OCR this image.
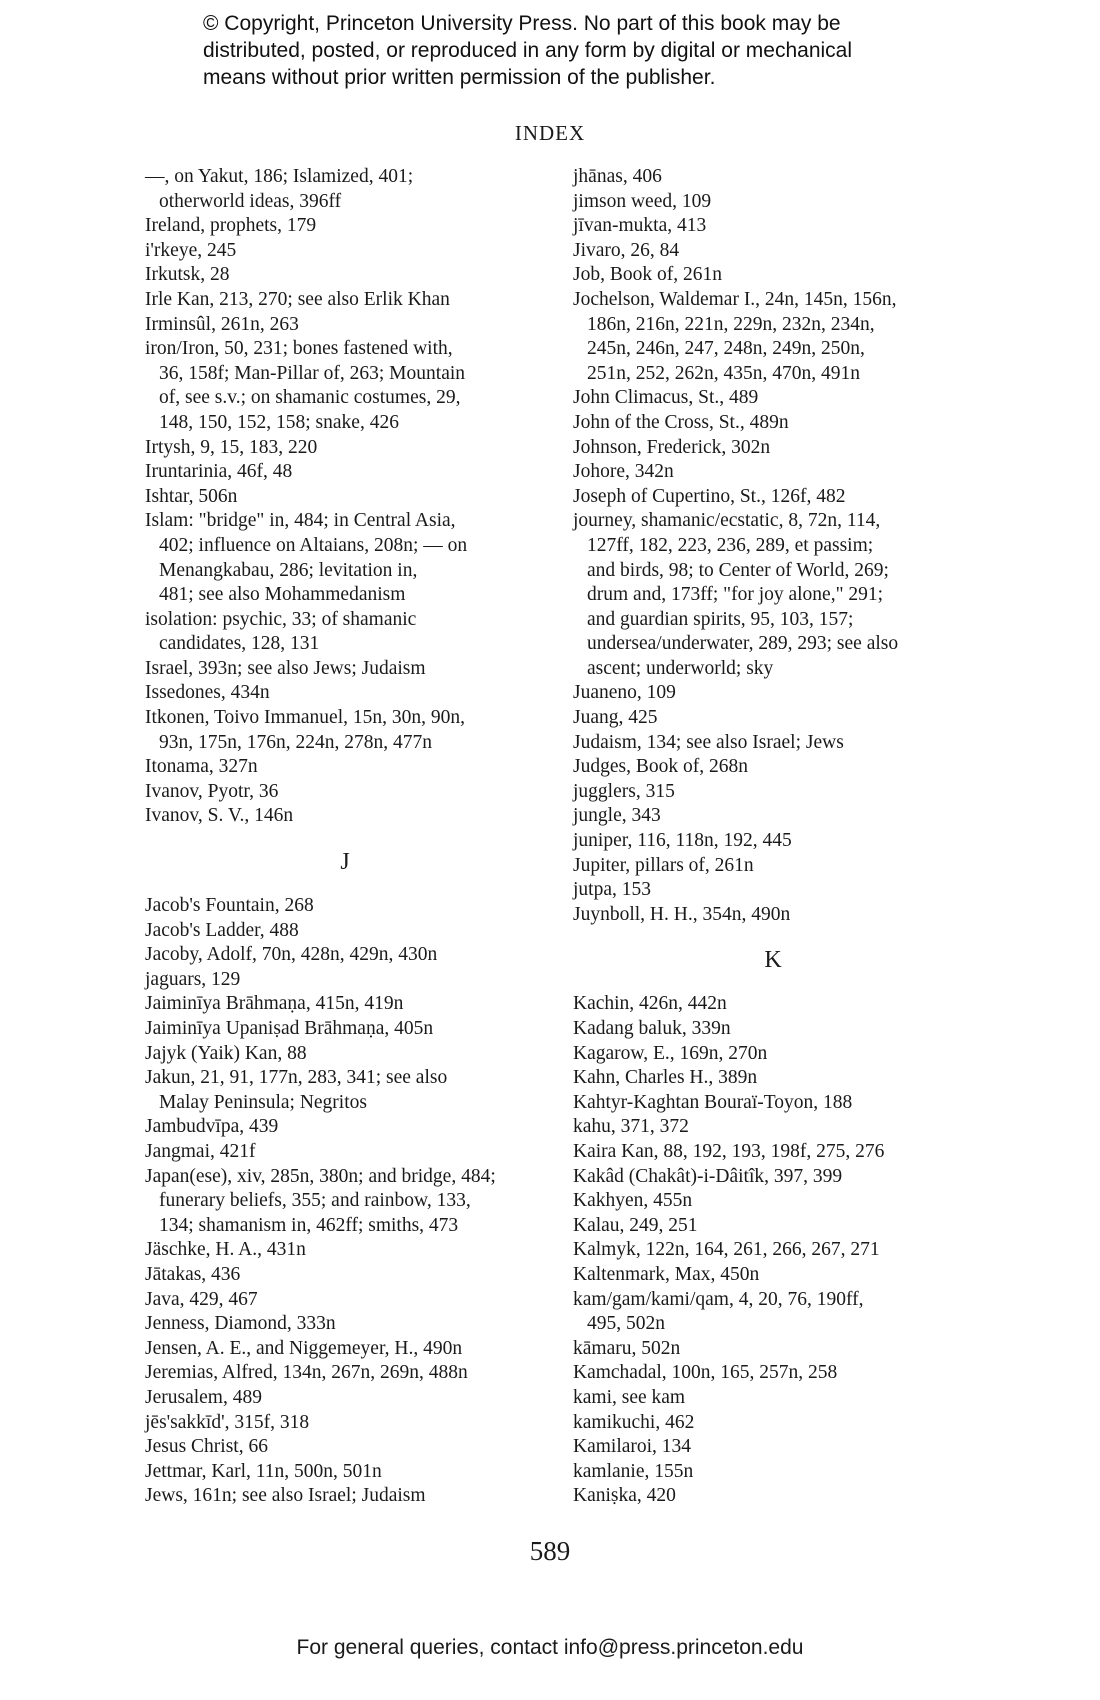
© Copyright, Princeton University Press. No part of this book may be
distributed, posted, or reproduced in any form by digital or mechanical
means without prior written permission of the publisher.
INDEX
—, on Yakut, 186; Islamized, 401;
otherworld ideas, 396ff
Ireland, prophets, 179
i'rkeye, 245
Irkutsk, 28
Irle Kan, 213, 270; see also Erlik Khan
Irminsûl, 261n, 263
iron/Iron, 50, 231; bones fastened with,
36, 158f; Man-Pillar of, 263; Mountain
of, see s.v.; on shamanic costumes, 29,
148, 150, 152, 158; snake, 426
Irtysh, 9, 15, 183, 220
Iruntarinia, 46f, 48
Ishtar, 506n
Islam: "bridge" in, 484; in Central Asia,
402; influence on Altaians, 208n; — on
Menangkabau, 286; levitation in,
481; see also Mohammedanism
isolation: psychic, 33; of shamanic
candidates, 128, 131
Israel, 393n; see also Jews; Judaism
Issedones, 434n
Itkonen, Toivo Immanuel, 15n, 30n, 90n,
93n, 175n, 176n, 224n, 278n, 477n
Itonama, 327n
Ivanov, Pyotr, 36
Ivanov, S. V., 146n
J
Jacob's Fountain, 268
Jacob's Ladder, 488
Jacoby, Adolf, 70n, 428n, 429n, 430n
jaguars, 129
Jaiminīya Brāhmaṇa, 415n, 419n
Jaiminīya Upaniṣad Brāhmaṇa, 405n
Jajyk (Yaik) Kan, 88
Jakun, 21, 91, 177n, 283, 341; see also
Malay Peninsula; Negritos
Jambudvīpa, 439
Jangmai, 421f
Japan(ese), xiv, 285n, 380n; and bridge, 484;
funerary beliefs, 355; and rainbow, 133,
134; shamanism in, 462ff; smiths, 473
Jäschke, H. A., 431n
Jātakas, 436
Java, 429, 467
Jenness, Diamond, 333n
Jensen, A. E., and Niggemeyer, H., 490n
Jeremias, Alfred, 134n, 267n, 269n, 488n
Jerusalem, 489
jēs'sakkīd', 315f, 318
Jesus Christ, 66
Jettmar, Karl, 11n, 500n, 501n
Jews, 161n; see also Israel; Judaism
jhānas, 406
jimson weed, 109
jīvan-mukta, 413
Jivaro, 26, 84
Job, Book of, 261n
Jochelson, Waldemar I., 24n, 145n, 156n,
186n, 216n, 221n, 229n, 232n, 234n,
245n, 246n, 247, 248n, 249n, 250n,
251n, 252, 262n, 435n, 470n, 491n
John Climacus, St., 489
John of the Cross, St., 489n
Johnson, Frederick, 302n
Johore, 342n
Joseph of Cupertino, St., 126f, 482
journey, shamanic/ecstatic, 8, 72n, 114,
127ff, 182, 223, 236, 289, et passim;
and birds, 98; to Center of World, 269;
drum and, 173ff; "for joy alone," 291;
and guardian spirits, 95, 103, 157;
undersea/underwater, 289, 293; see also
ascent; underworld; sky
Juaneno, 109
Juang, 425
Judaism, 134; see also Israel; Jews
Judges, Book of, 268n
jugglers, 315
jungle, 343
juniper, 116, 118n, 192, 445
Jupiter, pillars of, 261n
jutpa, 153
Juynboll, H. H., 354n, 490n
K
Kachin, 426n, 442n
Kadang baluk, 339n
Kagarow, E., 169n, 270n
Kahn, Charles H., 389n
Kahtyr-Kaghtan Bouraï-Toyon, 188
kahu, 371, 372
Kaira Kan, 88, 192, 193, 198f, 275, 276
Kakâd (Chakât)-i-Dâitîk, 397, 399
Kakhyen, 455n
Kalau, 249, 251
Kalmyk, 122n, 164, 261, 266, 267, 271
Kaltenmark, Max, 450n
kam/gam/kami/qam, 4, 20, 76, 190ff,
495, 502n
kāmaru, 502n
Kamchadal, 100n, 165, 257n, 258
kami, see kam
kamikuchi, 462
Kamilaroi, 134
kamlanie, 155n
Kaniṣka, 420
589
For general queries, contact info@press.princeton.edu
